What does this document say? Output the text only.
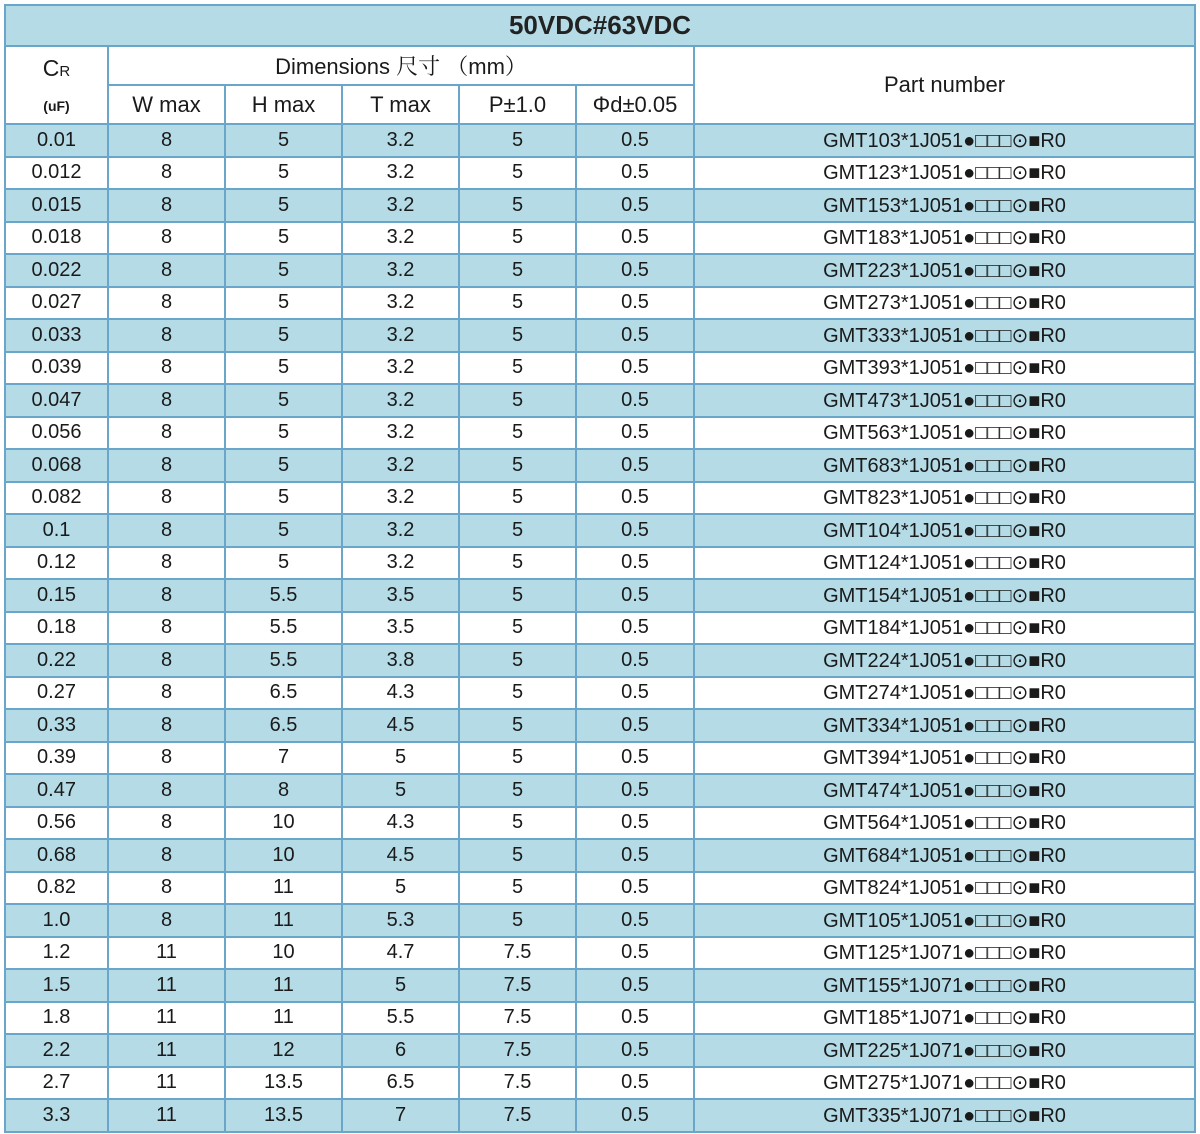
50VDC#63VDC						

CR
(uF)	Dimensions 尺寸 （mm）					Part number
	W max	H max	T max	P±1.0	Φd±0.05	
0.01	8	5	3.2	5	0.5	GMT103*1J051●□□□⊙■R0
0.012	8	5	3.2	5	0.5	GMT123*1J051●□□□⊙■R0
0.015	8	5	3.2	5	0.5	GMT153*1J051●□□□⊙■R0
0.018	8	5	3.2	5	0.5	GMT183*1J051●□□□⊙■R0
0.022	8	5	3.2	5	0.5	GMT223*1J051●□□□⊙■R0
0.027	8	5	3.2	5	0.5	GMT273*1J051●□□□⊙■R0
0.033	8	5	3.2	5	0.5	GMT333*1J051●□□□⊙■R0
0.039	8	5	3.2	5	0.5	GMT393*1J051●□□□⊙■R0
0.047	8	5	3.2	5	0.5	GMT473*1J051●□□□⊙■R0
0.056	8	5	3.2	5	0.5	GMT563*1J051●□□□⊙■R0
0.068	8	5	3.2	5	0.5	GMT683*1J051●□□□⊙■R0
0.082	8	5	3.2	5	0.5	GMT823*1J051●□□□⊙■R0
0.1	8	5	3.2	5	0.5	GMT104*1J051●□□□⊙■R0
0.12	8	5	3.2	5	0.5	GMT124*1J051●□□□⊙■R0
0.15	8	5.5	3.5	5	0.5	GMT154*1J051●□□□⊙■R0
0.18	8	5.5	3.5	5	0.5	GMT184*1J051●□□□⊙■R0
0.22	8	5.5	3.8	5	0.5	GMT224*1J051●□□□⊙■R0
0.27	8	6.5	4.3	5	0.5	GMT274*1J051●□□□⊙■R0
0.33	8	6.5	4.5	5	0.5	GMT334*1J051●□□□⊙■R0
0.39	8	7	5	5	0.5	GMT394*1J051●□□□⊙■R0
0.47	8	8	5	5	0.5	GMT474*1J051●□□□⊙■R0
0.56	8	10	4.3	5	0.5	GMT564*1J051●□□□⊙■R0
0.68	8	10	4.5	5	0.5	GMT684*1J051●□□□⊙■R0
0.82	8	11	5	5	0.5	GMT824*1J051●□□□⊙■R0
1.0	8	11	5.3	5	0.5	GMT105*1J051●□□□⊙■R0
1.2	11	10	4.7	7.5	0.5	GMT125*1J071●□□□⊙■R0
1.5	11	11	5	7.5	0.5	GMT155*1J071●□□□⊙■R0
1.8	11	11	5.5	7.5	0.5	GMT185*1J071●□□□⊙■R0
2.2	11	12	6	7.5	0.5	GMT225*1J071●□□□⊙■R0
2.7	11	13.5	6.5	7.5	0.5	GMT275*1J071●□□□⊙■R0
3.3	11	13.5	7	7.5	0.5	GMT335*1J071●□□□⊙■R0
